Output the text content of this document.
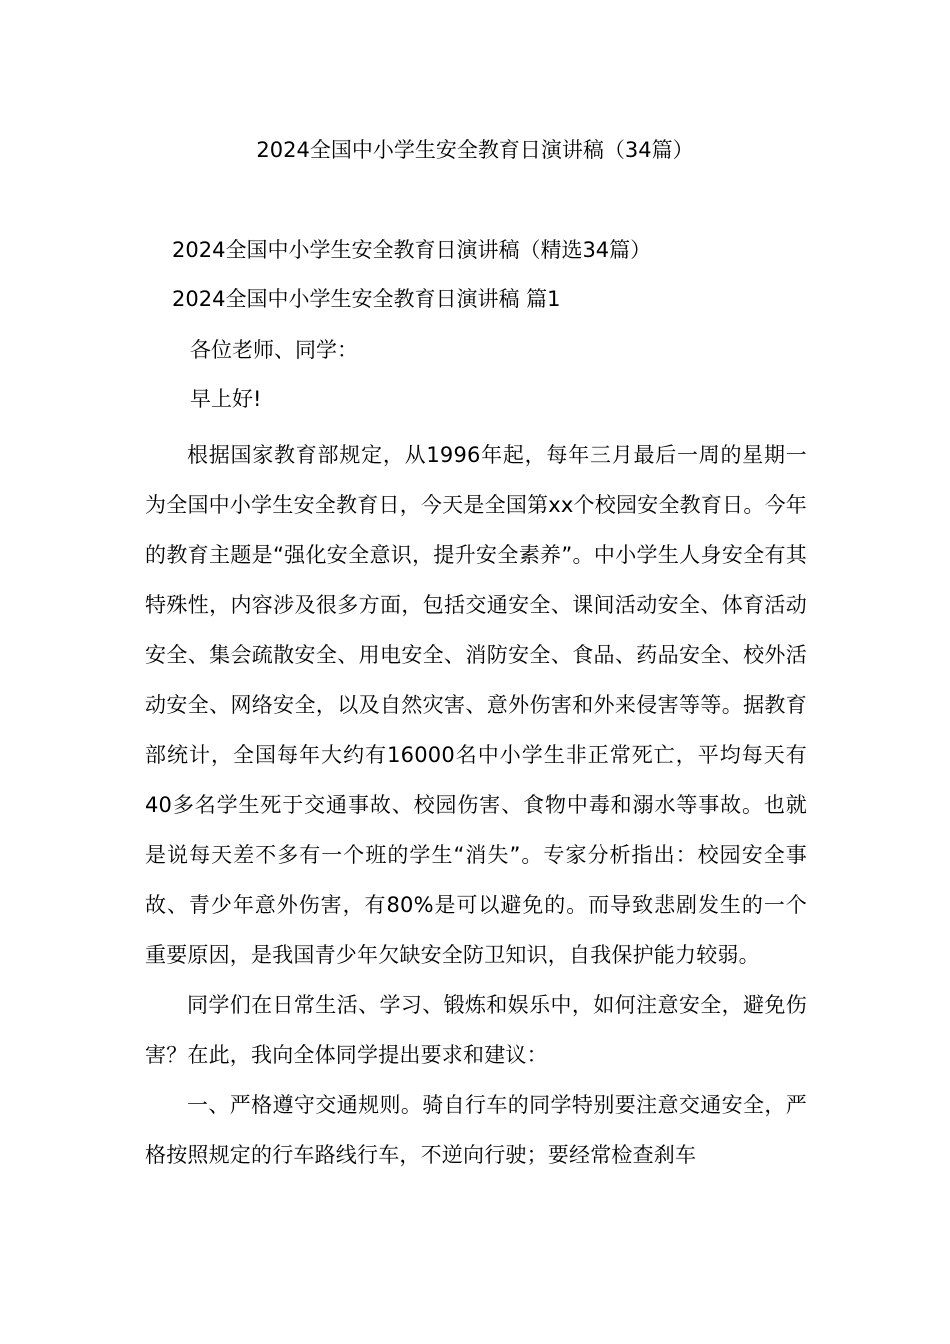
2024全国中小学生安全教育日演讲稿（34篇）
2024全国中小学生安全教育日演讲稿（精选34篇）
2024全国中小学生安全教育日演讲稿 篇1
各位老师、同学：
早上好!

根据国家教育部规定，从1996年起，每年三月最后一周的星期一为全国中小学生安全教育日，今天是全国第xx个校园安全教育日。今年的教育主题是“强化安全意识，提升安全素养”。中小学生人身安全有其特殊性，内容涉及很多方面，包括交通安全、课间活动安全、体育活动安全、集会疏散安全、用电安全、消防安全、食品、药品安全、校外活动安全、网络安全，以及自然灾害、意外伤害和外来侵害等等。据教育部统计，全国每年大约有16000名中小学生非正常死亡，平均每天有40多名学生死于交通事故、校园伤害、食物中毒和溺水等事故。也就是说每天差不多有一个班的学生“消失”。专家分析指出：校园安全事故、青少年意外伤害，有80%是可以避免的。而导致悲剧发生的一个重要原因，是我国青少年欠缺安全防卫知识，自我保护能力较弱。

同学们在日常生活、学习、锻炼和娱乐中，如何注意安全，避免伤害？在此，我向全体同学提出要求和建议：

一、严格遵守交通规则。骑自行车的同学特别要注意交通安全，严格按照规定的行车路线行车，不逆向行驶；要经常检查刹车
